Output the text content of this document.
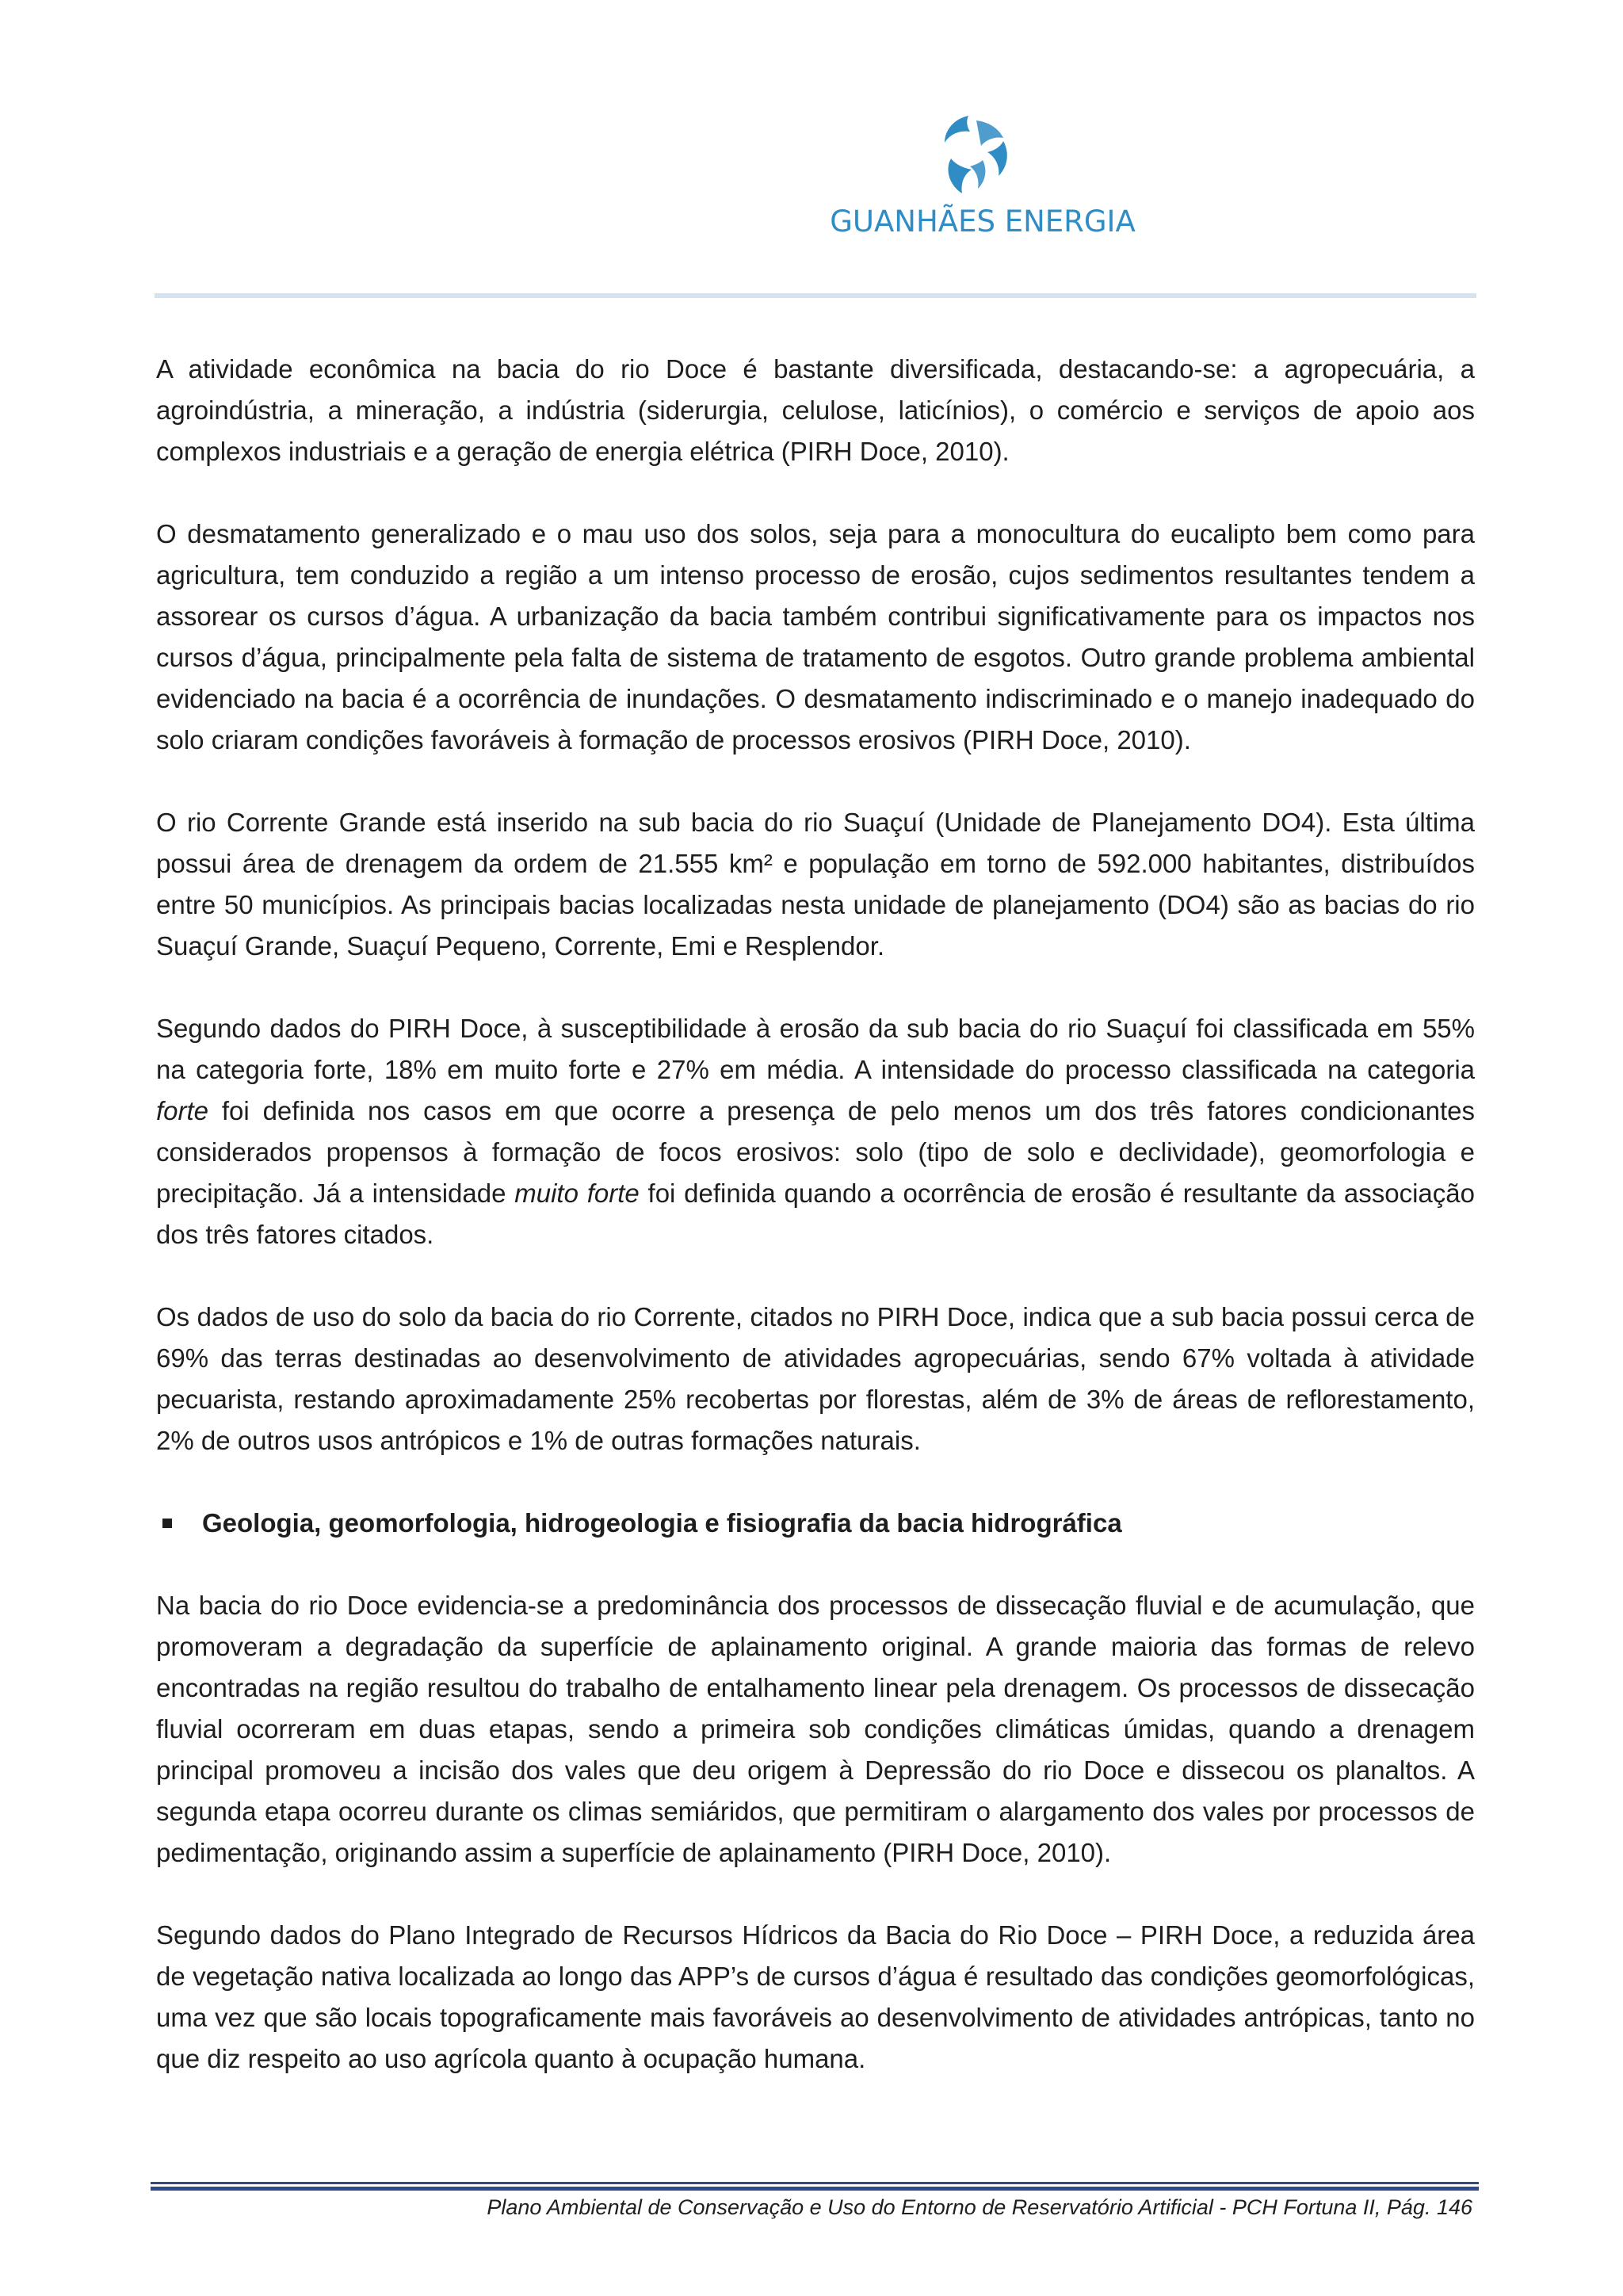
GUANHÃES ENERGIA

A atividade econômica na bacia do rio Doce é bastante diversificada, destacando-se: a agropecuária, a agroindústria, a mineração, a indústria (siderurgia, celulose, laticínios), o comércio e serviços de apoio aos complexos industriais e a geração de energia elétrica (PIRH Doce, 2010).

O desmatamento generalizado e o mau uso dos solos, seja para a monocultura do eucalipto bem como para agricultura, tem conduzido a região a um intenso processo de erosão, cujos sedimentos resultantes tendem a assorear os cursos d’água. A urbanização da bacia também contribui significativamente para os impactos nos cursos d’água, principalmente pela falta de sistema de tratamento de esgotos. Outro grande problema ambiental evidenciado na bacia é a ocorrência de inundações. O desmatamento indiscriminado e o manejo inadequado do solo criaram condições favoráveis à formação de processos erosivos (PIRH Doce, 2010).

O rio Corrente Grande está inserido na sub bacia do rio Suaçuí (Unidade de Planejamento DO4). Esta última possui área de drenagem da ordem de 21.555 km² e população em torno de 592.000 habitantes, distribuídos entre 50 municípios. As principais bacias localizadas nesta unidade de planejamento (DO4) são as bacias do rio Suaçuí Grande, Suaçuí Pequeno, Corrente, Emi e Resplendor.

Segundo dados do PIRH Doce, à susceptibilidade à erosão da sub bacia do rio Suaçuí foi classificada em 55% na categoria forte, 18% em muito forte e 27% em média. A intensidade do processo classificada na categoria forte foi definida nos casos em que ocorre a presença de pelo menos um dos três fatores condicionantes considerados propensos à formação de focos erosivos: solo (tipo de solo e declividade), geomorfologia e precipitação. Já a intensidade muito forte foi definida quando a ocorrência de erosão é resultante da associação dos três fatores citados.

Os dados de uso do solo da bacia do rio Corrente, citados no PIRH Doce, indica que a sub bacia possui cerca de 69% das terras destinadas ao desenvolvimento de atividades agropecuárias, sendo 67% voltada à atividade pecuarista, restando aproximadamente 25% recobertas por florestas, além de 3% de áreas de reflorestamento, 2% de outros usos antrópicos e 1% de outras formações naturais.

Geologia, geomorfologia, hidrogeologia e fisiografia da bacia hidrográfica

Na bacia do rio Doce evidencia-se a predominância dos processos de dissecação fluvial e de acumulação, que promoveram a degradação da superfície de aplainamento original. A grande maioria das formas de relevo encontradas na região resultou do trabalho de entalhamento linear pela drenagem. Os processos de dissecação fluvial ocorreram em duas etapas, sendo a primeira sob condições climáticas úmidas, quando a drenagem principal promoveu a incisão dos vales que deu origem à Depressão do rio Doce e dissecou os planaltos. A segunda etapa ocorreu durante os climas semiáridos, que permitiram o alargamento dos vales por processos de pedimentação, originando assim a superfície de aplainamento (PIRH Doce, 2010).

Segundo dados do Plano Integrado de Recursos Hídricos da Bacia do Rio Doce – PIRH Doce, a reduzida área de vegetação nativa localizada ao longo das APP’s de cursos d’água é resultado das condições geomorfológicas, uma vez que são locais topograficamente mais favoráveis ao desenvolvimento de atividades antrópicas, tanto no que diz respeito ao uso agrícola quanto à ocupação humana.

Plano Ambiental de Conservação e Uso do Entorno de Reservatório Artificial - PCH Fortuna II, Pág. 146
